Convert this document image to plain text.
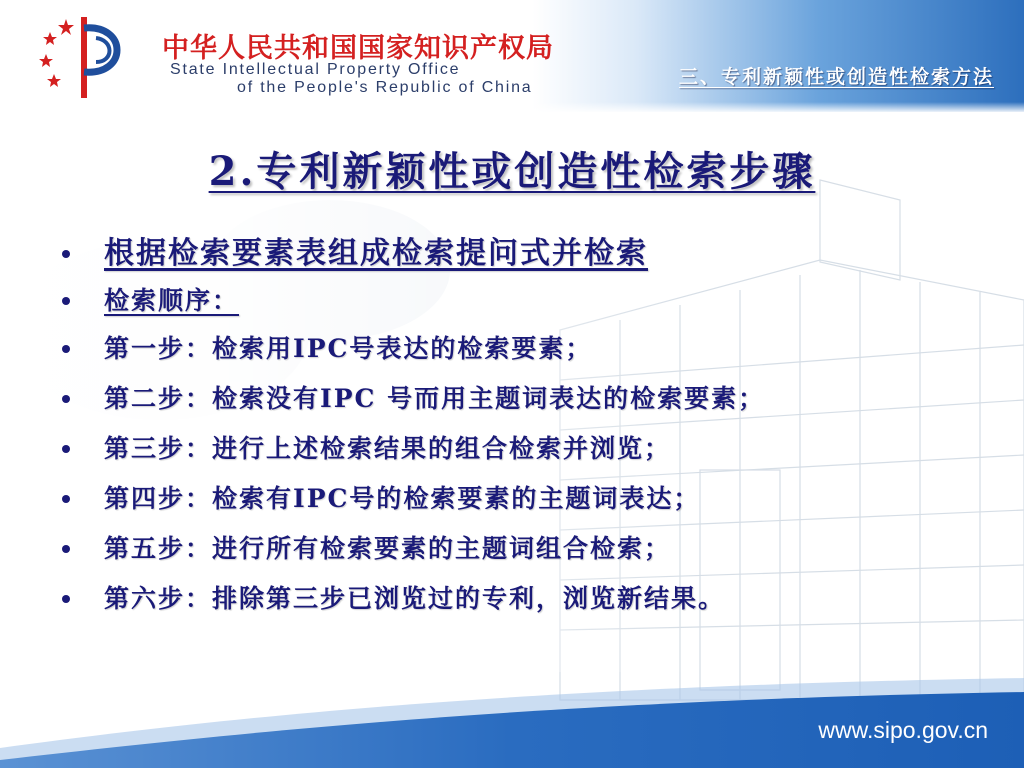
中华人民共和国国家知识产权局

State Intellectual Property Office

of the People's Republic of China	三、专利新颖性或创造性检索方法

2.专利新颖性或创造性检索步骤
根据检索要素表组成检索提问式并检索
检索顺序：
第一步：检索用IPC号表达的检索要素；
第二步：检索没有IPC 号而用主题词表达的检索要素；
第三步：进行上述检索结果的组合检索并浏览；
第四步：检索有IPC号的检索要素的主题词表达；
第五步：进行所有检索要素的主题词组合检索；
第六步：排除第三步已浏览过的专利，浏览新结果。

www.sipo.gov.cn
